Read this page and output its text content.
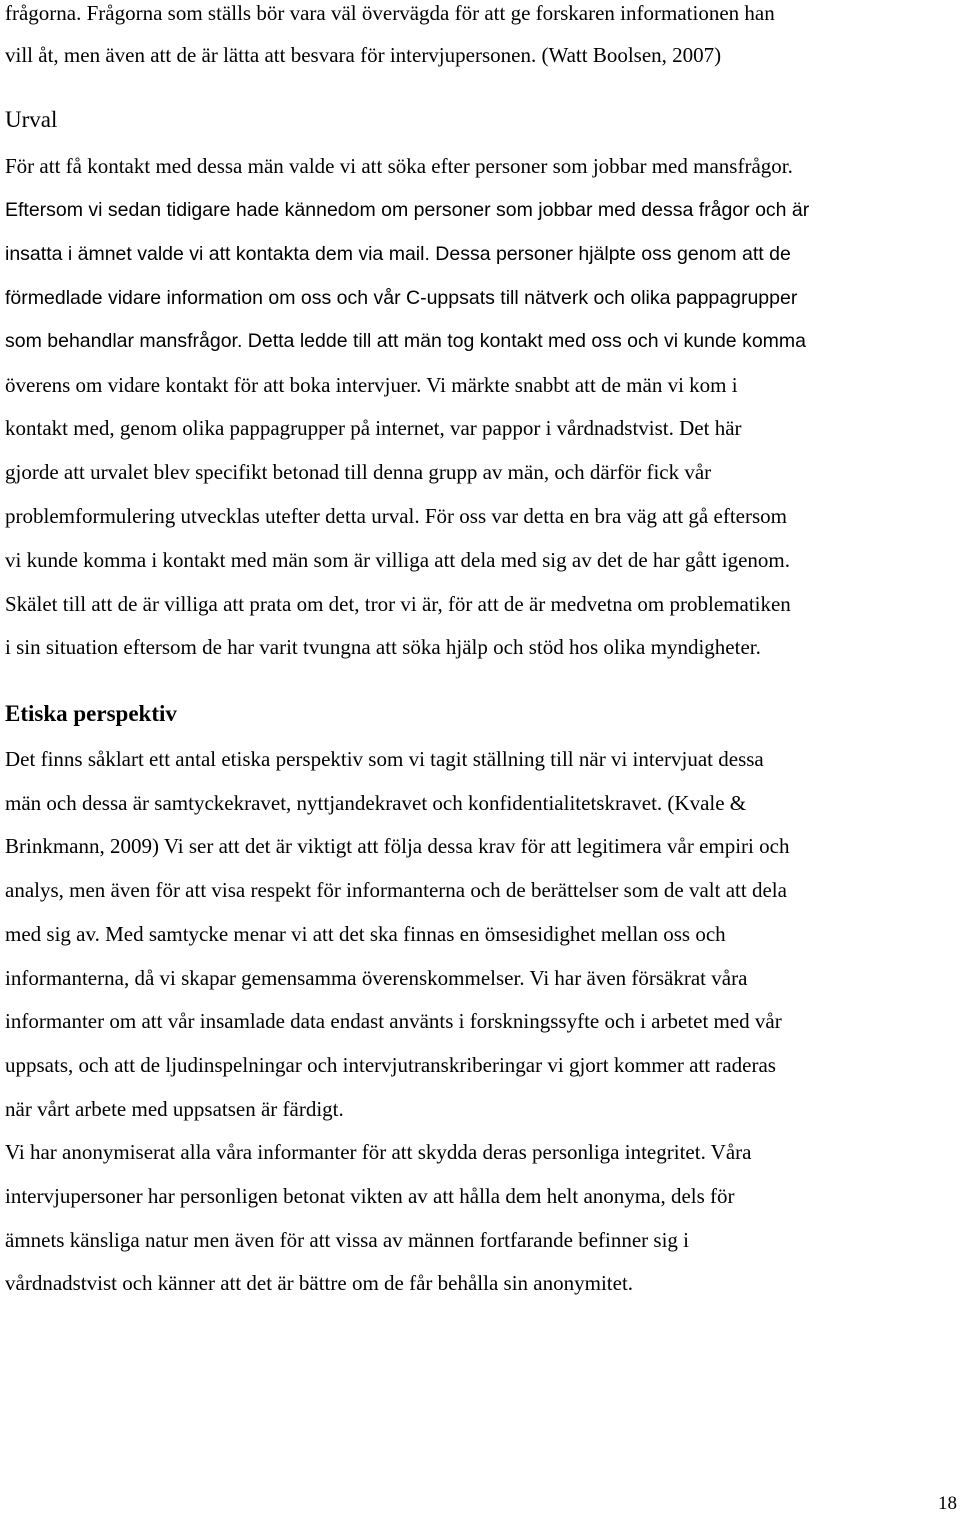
frågorna. Frågorna som ställs bör vara väl övervägda för att ge forskaren informationen han
vill åt, men även att de är lätta att besvara för intervjupersonen. (Watt Boolsen, 2007)
Urval
För att få kontakt med dessa män valde vi att söka efter personer som jobbar med mansfrågor.
Eftersom vi sedan tidigare hade kännedom om personer som jobbar med dessa frågor och är
insatta i ämnet valde vi att kontakta dem via mail. Dessa personer hjälpte oss genom att de
förmedlade vidare information om oss och vår C-uppsats till nätverk och olika pappagrupper
som behandlar mansfrågor. Detta ledde till att män tog kontakt med oss och vi kunde komma
överens om vidare kontakt för att boka intervjuer. Vi märkte snabbt att de män vi kom i
kontakt med, genom olika pappagrupper på internet, var pappor i vårdnadstvist. Det här
gjorde att urvalet blev specifikt betonad till denna grupp av män, och därför fick vår
problemformulering utvecklas utefter detta urval. För oss var detta en bra väg att gå eftersom
vi kunde komma i kontakt med män som är villiga att dela med sig av det de har gått igenom.
Skälet till att de är villiga att prata om det, tror vi är, för att de är medvetna om problematiken
i sin situation eftersom de har varit tvungna att söka hjälp och stöd hos olika myndigheter.
Etiska perspektiv
Det finns såklart ett antal etiska perspektiv som vi tagit ställning till när vi intervjuat dessa
män och dessa är samtyckekravet, nyttjandekravet och konfidentialitetskravet. (Kvale &
Brinkmann, 2009) Vi ser att det är viktigt att följa dessa krav för att legitimera vår empiri och
analys, men även för att visa respekt för informanterna och de berättelser som de valt att dela
med sig av. Med samtycke menar vi att det ska finnas en ömsesidighet mellan oss och
informanterna, då vi skapar gemensamma överenskommelser. Vi har även försäkrat våra
informanter om att vår insamlade data endast använts i forskningssyfte och i arbetet med vår
uppsats, och att de ljudinspelningar och intervjutranskriberingar vi gjort kommer att raderas
när vårt arbete med uppsatsen är färdigt.
Vi har anonymiserat alla våra informanter för att skydda deras personliga integritet. Våra
intervjupersoner har personligen betonat vikten av att hålla dem helt anonyma, dels för
ämnets känsliga natur men även för att vissa av männen fortfarande befinner sig i
vårdnadstvist och känner att det är bättre om de får behålla sin anonymitet.
18
